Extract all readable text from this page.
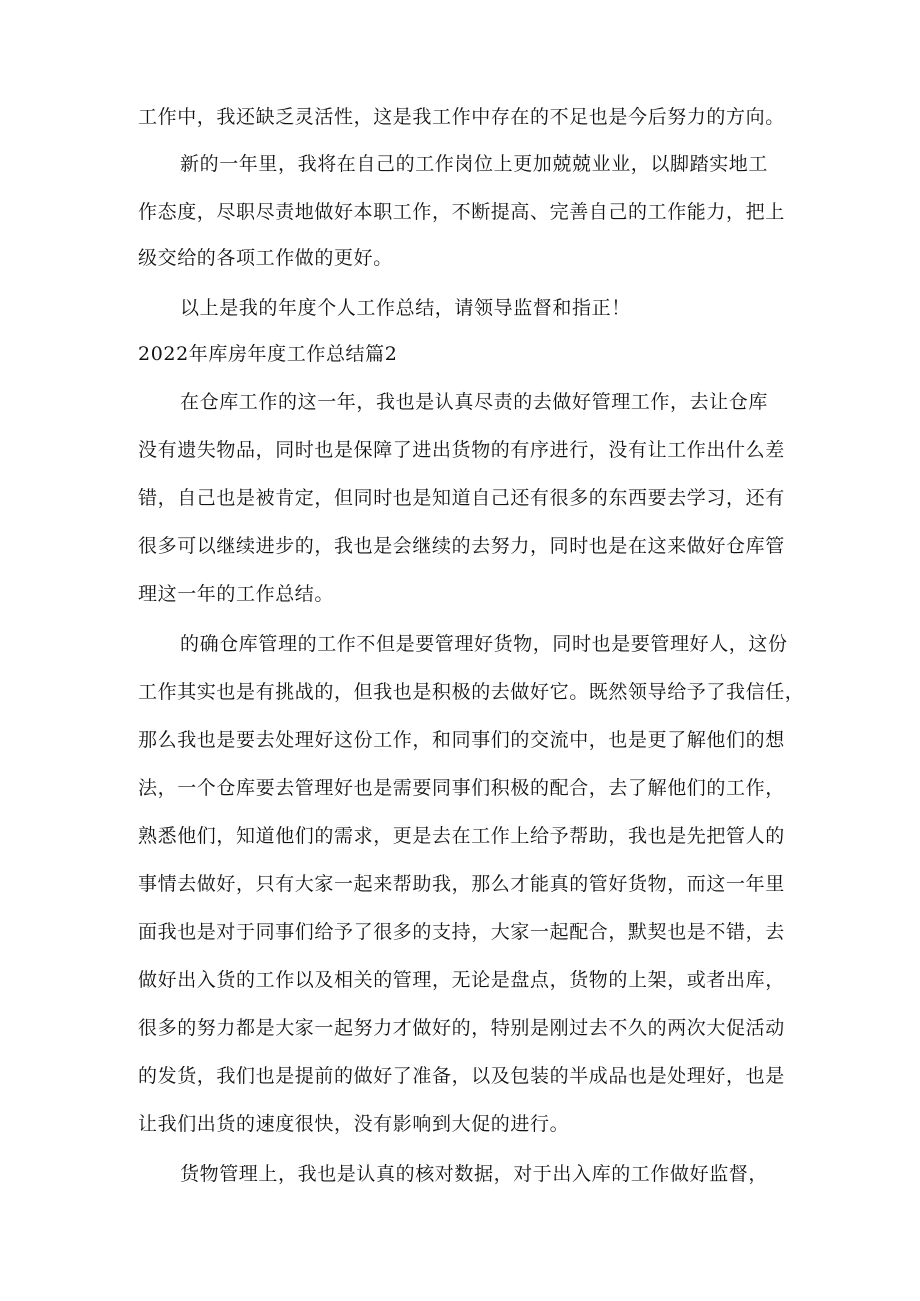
工作中，我还缺乏灵活性，这是我工作中存在的不足也是今后努力的方向。
新的一年里，我将在自己的工作岗位上更加兢兢业业，以脚踏实地工
作态度，尽职尽责地做好本职工作，不断提高、完善自己的工作能力，把上
级交给的各项工作做的更好。
以上是我的年度个人工作总结，请领导监督和指正！
2022年库房年度工作总结篇2
在仓库工作的这一年，我也是认真尽责的去做好管理工作，去让仓库
没有遗失物品，同时也是保障了进出货物的有序进行，没有让工作出什么差
错，自己也是被肯定，但同时也是知道自己还有很多的东西要去学习，还有
很多可以继续进步的，我也是会继续的去努力，同时也是在这来做好仓库管
理这一年的工作总结。
的确仓库管理的工作不但是要管理好货物，同时也是要管理好人，这份
工作其实也是有挑战的，但我也是积极的去做好它。既然领导给予了我信任，
那么我也是要去处理好这份工作，和同事们的交流中，也是更了解他们的想
法，一个仓库要去管理好也是需要同事们积极的配合，去了解他们的工作，
熟悉他们，知道他们的需求，更是去在工作上给予帮助，我也是先把管人的
事情去做好，只有大家一起来帮助我，那么才能真的管好货物，而这一年里
面我也是对于同事们给予了很多的支持，大家一起配合，默契也是不错，去
做好出入货的工作以及相关的管理，无论是盘点，货物的上架，或者出库，
很多的努力都是大家一起努力才做好的，特别是刚过去不久的两次大促活动
的发货，我们也是提前的做好了准备，以及包装的半成品也是处理好，也是
让我们出货的速度很快，没有影响到大促的进行。
货物管理上，我也是认真的核对数据，对于出入库的工作做好监督，
